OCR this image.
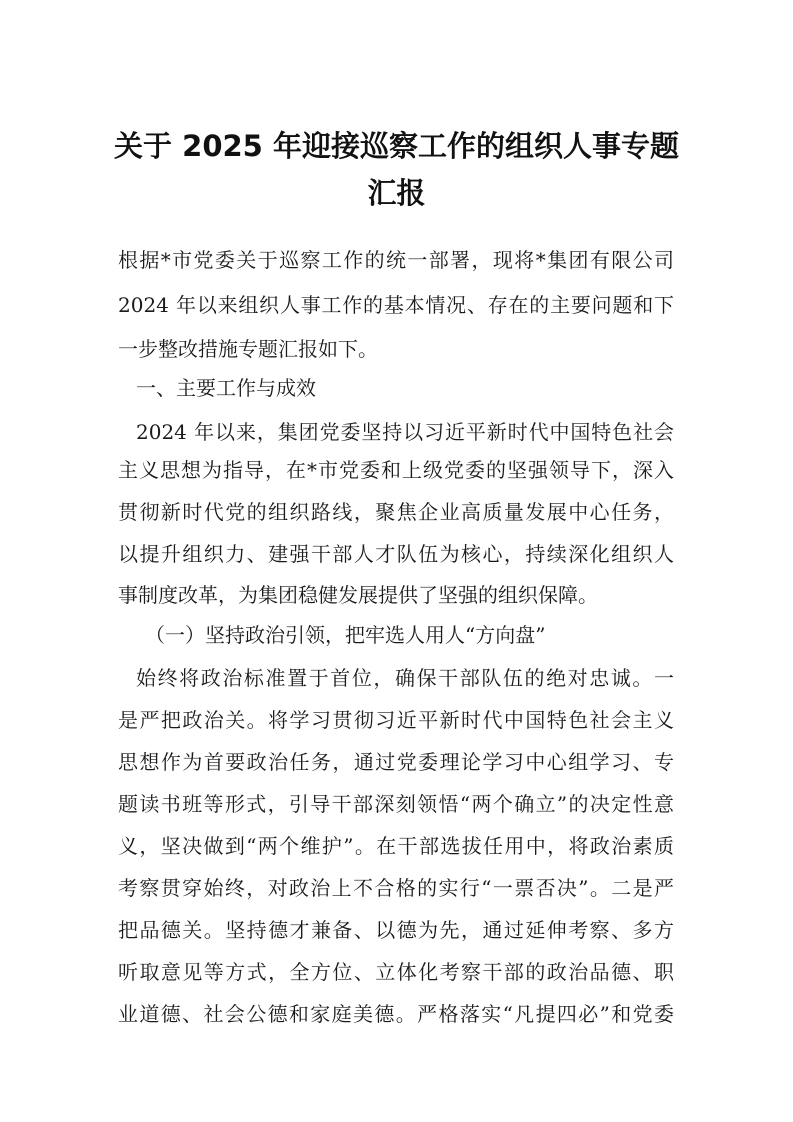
关于 2025 年迎接巡察工作的组织人事专题
汇报

根据*市党委关于巡察工作的统一部署，现将*集团有限公司

2024 年以来组织人事工作的基本情况、存在的主要问题和下

一步整改措施专题汇报如下。

一、主要工作与成效

2024 年以来，集团党委坚持以习近平新时代中国特色社会

主义思想为指导，在*市党委和上级党委的坚强领导下，深入

贯彻新时代党的组织路线，聚焦企业高质量发展中心任务，

以提升组织力、建强干部人才队伍为核心，持续深化组织人

事制度改革，为集团稳健发展提供了坚强的组织保障。

（一）坚持政治引领，把牢选人用人“方向盘”

始终将政治标准置于首位，确保干部队伍的绝对忠诚。一

是严把政治关。将学习贯彻习近平新时代中国特色社会主义

思想作为首要政治任务，通过党委理论学习中心组学习、专

题读书班等形式，引导干部深刻领悟“两个确立”的决定性意

义，坚决做到“两个维护”。在干部选拔任用中，将政治素质

考察贯穿始终，对政治上不合格的实行“一票否决”。二是严

把品德关。坚持德才兼备、以德为先，通过延伸考察、多方

听取意见等方式，全方位、立体化考察干部的政治品德、职

业道德、社会公德和家庭美德。严格落实“凡提四必”和党委
